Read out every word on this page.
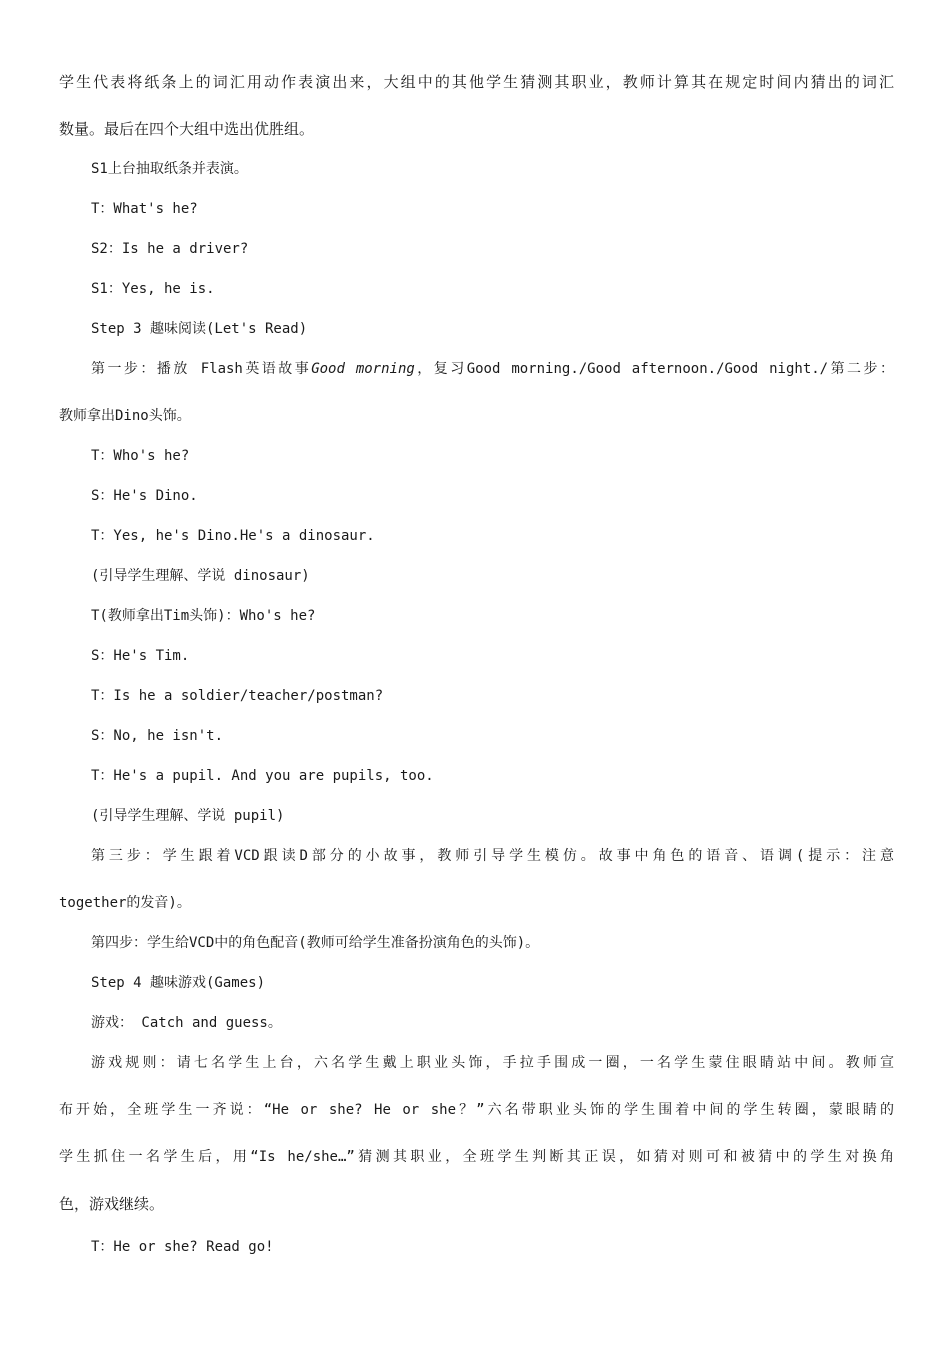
学生代表将纸条上的词汇用动作表演出来，大组中的其他学生猜测其职业，教师计算其在规定时间内猜出的词汇
数量。最后在四个大组中选出优胜组。
S1上台抽取纸条并表演。
T：What's he?
S2：Is he a driver?
S1：Yes, he is.
Step 3 趣味阅读(Let's Read)
第一步：播放 Flash英语故事Good morning，复习Good morning./Good afternoon./Good night./第二步：
教师拿出Dino头饰。
T：Who's he?
S：He's Dino.
T：Yes, he's Dino.He's a dinosaur.
(引导学生理解、学说 dinosaur)
T(教师拿出Tim头饰)：Who's he?
S：He's Tim.
T：Is he a soldier/teacher/postman?
S：No, he isn't.
T：He's a pupil. And you are pupils, too.
(引导学生理解、学说 pupil)
第三步：学生跟着VCD跟读D部分的小故事，教师引导学生模仿。故事中角色的语音、语调(提示：注意
together的发音)。
第四步：学生给VCD中的角色配音(教师可给学生准备扮演角色的头饰)。
Step 4 趣味游戏(Games)
游戏： Catch and guess。
游戏规则：请七名学生上台，六名学生戴上职业头饰，手拉手围成一圈，一名学生蒙住眼睛站中间。教师宣
布开始，全班学生一齐说：“He or she? He or she？”六名带职业头饰的学生围着中间的学生转圈，蒙眼睛的
学生抓住一名学生后，用“Is he/she…”猜测其职业，全班学生判断其正误，如猜对则可和被猜中的学生对换角
色，游戏继续。
T：He or she? Read go!
